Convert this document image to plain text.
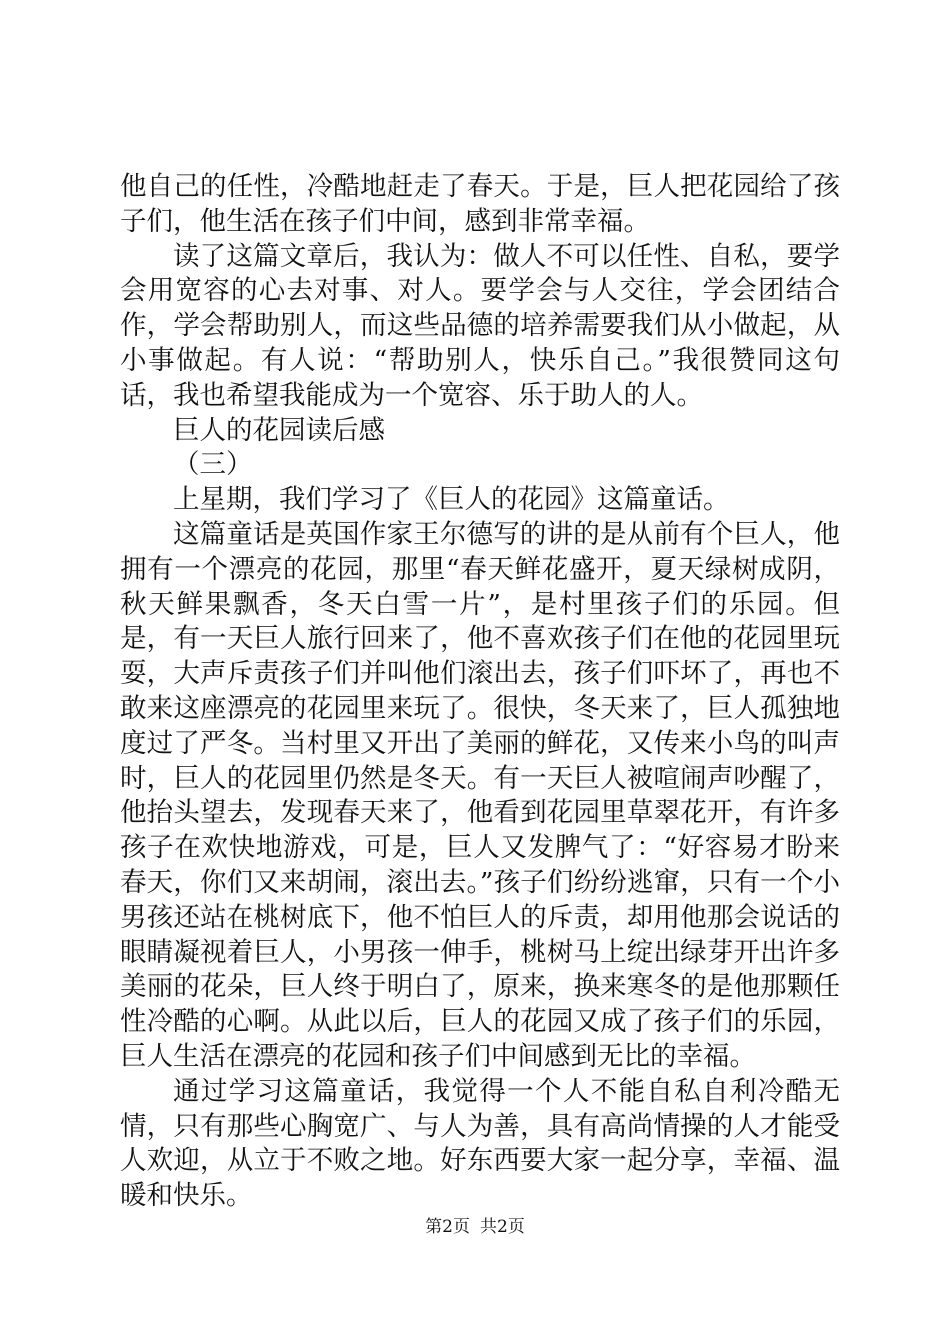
他自己的任性，冷酷地赶走了春天。于是，巨人把花园给了孩子们，他生活在孩子们中间，感到非常幸福。

读了这篇文章后，我认为：做人不可以任性、自私，要学会用宽容的心去对事、对人。要学会与人交往，学会团结合作，学会帮助别人，而这些品德的培养需要我们从小做起，从小事做起。有人说：“帮助别人，快乐自己。”我很赞同这句话，我也希望我能成为一个宽容、乐于助人的人。

巨人的花园读后感

（三）

上星期，我们学习了《巨人的花园》这篇童话。

这篇童话是英国作家王尔德写的讲的是从前有个巨人，他拥有一个漂亮的花园，那里“春天鲜花盛开，夏天绿树成阴，秋天鲜果飘香，冬天白雪一片”，是村里孩子们的乐园。但是，有一天巨人旅行回来了，他不喜欢孩子们在他的花园里玩耍，大声斥责孩子们并叫他们滚出去，孩子们吓坏了，再也不敢来这座漂亮的花园里来玩了。很快，冬天来了，巨人孤独地度过了严冬。当村里又开出了美丽的鲜花，又传来小鸟的叫声时，巨人的花园里仍然是冬天。有一天巨人被喧闹声吵醒了，他抬头望去，发现春天来了，他看到花园里草翠花开，有许多孩子在欢快地游戏，可是，巨人又发脾气了：“好容易才盼来春天，你们又来胡闹，滚出去。”孩子们纷纷逃窜，只有一个小男孩还站在桃树底下，他不怕巨人的斥责，却用他那会说话的眼睛凝视着巨人，小男孩一伸手，桃树马上绽出绿芽开出许多美丽的花朵，巨人终于明白了，原来，换来寒冬的是他那颗任性冷酷的心啊。从此以后，巨人的花园又成了孩子们的乐园，巨人生活在漂亮的花园和孩子们中间感到无比的幸福。

通过学习这篇童话，我觉得一个人不能自私自利冷酷无情，只有那些心胸宽广、与人为善，具有高尚情操的人才能受人欢迎，从立于不败之地。好东西要大家一起分享，幸福、温暖和快乐。

第2页 共2页
